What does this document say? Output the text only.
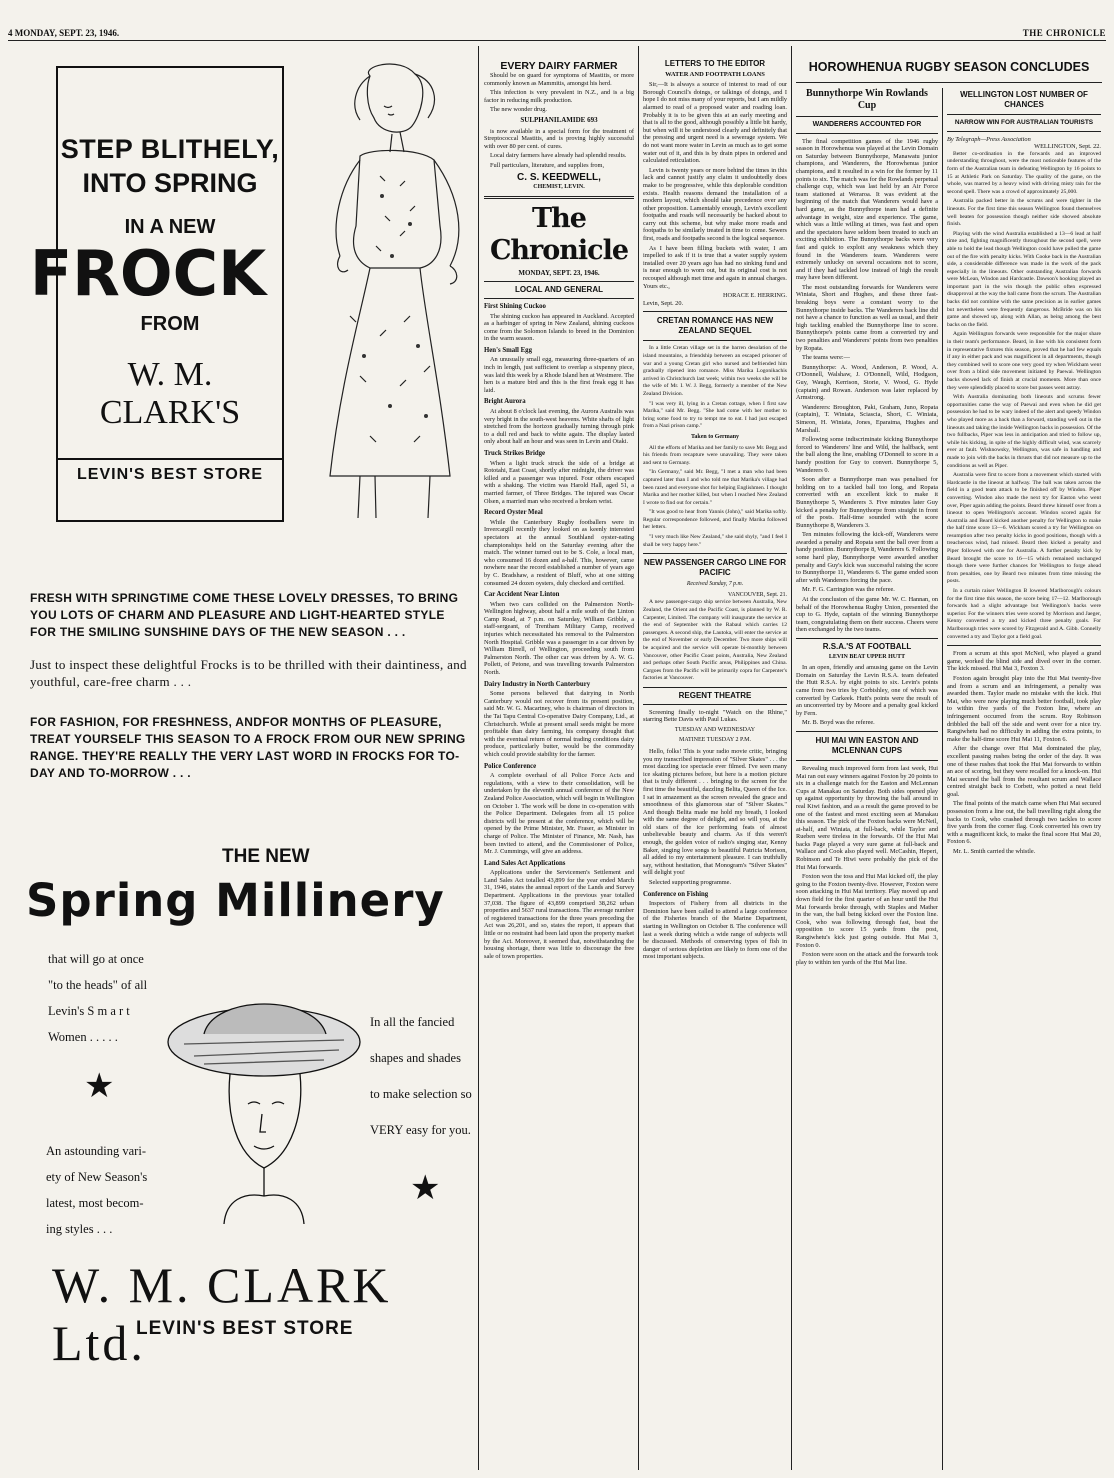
4 MONDAY, SEPT. 23, 1946.	THE CHRONICLE
STEP BLITHELY,
INTO SPRING
IN A NEW
FROCK
FROM
W. M. CLARK'S
LEVIN'S BEST STORE
FRESH WITH SPRINGTIME COME THESE LOVELY DRESSES, TO BRING YOU LOTS OF CHARM AND PLEASURE AND LIGHT-HEARTED STYLE FOR THE SMILING SUNSHINE DAYS OF THE NEW SEASON . . .
Just to inspect these delightful Frocks is to be thrilled with their daintiness, and youthful, care-free charm . . .
FOR FASHION, FOR FRESHNESS, ANDFOR MONTHS OF PLEASURE, TREAT YOURSELF THIS SEASON TO A FROCK FROM OUR NEW SPRING RANGE. THEY'RE REALLY THE VERY LAST WORD IN FROCKS FOR TO-DAY AND TO-MORROW . . .
THE NEW
Spring Millinery
that will go at once
"to the heads" of all
Levin's S m a r t
Women . . . . .
In all the fancied
shapes and shades
to make selection so
VERY easy for you.
An astounding vari-
ety of New Season's
latest, most becom-
ing styles . . .
★
★
W. M. CLARK Ltd.
LEVIN'S BEST STORE
EVERY DAIRY FARMER

Should be on guard for symptoms of Mastitis, or more commonly known as Mammitis, amongst his herd.

This infection is very prevalent in N.Z., and is a big factor in reducing milk production.

The new wonder drug.

SULPHANILAMIDE 693

is now available in a special form for the treatment of Streptococcal Mastitis, and is proving highly successful with over 80 per cent. of cures.

Local dairy farmers have already had splendid results.

Full particulars, literature, and supplies from,

C. S. KEEDWELL,
CHEMIST, LEVIN.
The Chronicle
MONDAY, SEPT. 23, 1946.
LOCAL AND GENERAL

First Shining Cuckoo

The shining cuckoo has appeared in Auckland. Accepted as a harbinger of spring in New Zealand, shining cuckoos come from the Solomon Islands to breed in the Dominion in the warm season.

Hen's Small Egg

An unusually small egg, measuring three-quarters of an inch in length, just sufficient to overlap a sixpenny piece, was laid this week by a Rhode Island hen at Westmere. The hen is a mature bird and this is the first freak egg it has laid.

Bright Aurora

At about 8 o'clock last evening, the Aurora Australis was very bright in the south-west heavens. White shafts of light stretched from the horizon gradually turning through pink to a dull red and back to white again. The display lasted only about half an hour and was seen in Levin and Otaki.

Truck Strikes Bridge

When a light truck struck the side of a bridge at Rototahi, East Coast, shortly after midnight, the driver was killed and a passenger was injured. Four others escaped with a shaking. The victim was Harold Hall, aged 51, a married farmer, of Three Bridges. The injured was Oscar Olsen, a married man who received a broken wrist.

Record Oyster Meal

While the Canterbury Rugby footballers were in Invercargill recently they looked on as keenly interested spectators at the annual Southland oyster-eating championships held on the Saturday evening after the match. The winner turned out to be S. Cole, a local man, who consumed 16 dozen and a-half. This, however, came nowhere near the record established a number of years ago by C. Bradshaw, a resident of Bluff, who at one sitting consumed 24 dozen oysters, duly checked and certified.

Car Accident Near Linton

When two cars collided on the Palmerston North-Wellington highway, about half a mile south of the Linton Camp Road, at 7 p.m. on Saturday, William Gribble, a staff-sergeant, of Trentham Military Camp, received injuries which necessitated his removal to the Palmerston North Hospital. Gribble was a passenger in a car driven by William Birrell, of Wellington, proceeding south from Palmerston North. The other car was driven by A. W. G. Pollett, of Petone, and was travelling towards Palmerston North.

Dairy Industry in North Canterbury

Some persons believed that dairying in North Canterbury would not recover from its present position, said Mr. W. G. Macartney, who is chairman of directors in the Tai Tapu Central Co-operative Dairy Company, Ltd., at Christchurch. While at present small seeds might be more profitable than dairy farming, his company thought that with the eventual return of normal trading conditions dairy produce, particularly butter, would be the commodity which could provide stability for the farmer.

Police Conference

A complete overhaul of all Police Force Acts and regulations, with a view to their consolidation, will be undertaken by the eleventh annual conference of the New Zealand Police Association, which will begin in Wellington on October 1. The work will be done in co-operation with the Police Department. Delegates from all 15 police districts will be present at the conference, which will be opened by the Prime Minister, Mr. Fraser, as Minister in charge of Police. The Minister of Finance, Mr. Nash, has been invited to attend, and the Commissioner of Police, Mr. J. Cummings, will give an address.

Land Sales Act Applications

Applications under the Servicemen's Settlement and Land Sales Act totalled 43,899 for the year ended March 31, 1946, states the annual report of the Lands and Survey Department. Applications in the previous year totalled 37,038. The figure of 43,899 comprised 38,262 urban properties and 5637 rural transactions. The average number of registered transactions for the three years preceding the Act was 26,201, and so, states the report, it appears that little or no restraint had been laid upon the property market by the Act. Moreover, it seemed that, notwithstanding the housing shortage, there was little to discourage the free sale of town properties.

LETTERS TO THE EDITOR
WATER AND FOOTPATH LOANS

Sir,—It is always a source of interest to read of our Borough Council's doings, or talkings of doings, and I hope I do not miss many of your reports, but I am mildly alarmed to read of a proposed water and roading loan. Probably it is to be given this at an early meeting and that is all to the good, although possibly a little bit hardy, but when will it be understood clearly and definitely that the pressing and urgent need is a sewerage system. We do not want more water in Levin as much as to get some water out of it, and this is by drain pipes in ordered and calculated reticulation.

Levin is twenty years or more behind the times in this lack and cannot justify any claim it undoubtedly does make to be progressive, while this deplorable condition exists. Health reasons demand the installation of a modern layout, which should take precedence over any other proposition. Lamentably enough, Levin's excellent footpaths and roads will necessarily be hacked about to carry out this scheme, but why make more roads and footpaths to be similarly treated in time to come. Sewers first, roads and footpaths second is the logical sequence.

As I have been filling buckets with water, I am impelled to ask if it is true that a water supply system installed over 20 years ago has had no sinking fund and is near enough to worn out, but its original cost is not recouped although met time and again in annual charges. Yours etc.,

HORACE E. HERRING.
Levin, Sept. 20.
CRETAN ROMANCE HAS NEW ZEALAND SEQUEL

In a little Cretan village set in the barren desolation of the island mountains, a friendship between an escaped prisoner of war and a young Cretan girl who nursed and befriended him gradually ripened into romance. Miss Marika Logonikachis arrived in Christchurch last week; within two weeks she will be the wife of Mr. I. W. J. Begg, formerly a member of the New Zealand Division.

"I was very ill, lying in a Cretan cottage, when I first saw Marika," said Mr. Begg. "She had come with her mother to bring some food to try to tempt me to eat. I had just escaped from a Nazi prison camp."

Taken to Germany

All the efforts of Marika and her family to save Mr. Begg and his friends from recapture were unavailing. They were taken and sent to Germany.

"In Germany," said Mr. Begg, "I met a man who had been captured later than I and who told me that Marika's village had been razed and everyone shot for helping Englishmen. I thought Marika and her mother killed, but when I reached New Zealand I wrote to find out for certain."

"It was good to hear from Yannis (John)," said Marika softly. Regular correspondence followed, and finally Marika followed her letters.

"I very much like New Zealand," she said shyly, "and I feel I shall be very happy here."

NEW PASSENGER CARGO LINE FOR PACIFIC
Received Sunday, 7 p.m.
VANCOUVER, Sept. 21.

A new passenger-cargo ship service between Australia, New Zealand, the Orient and the Pacific Coast, is planned by W. R. Carpenter, Limited. The company will inaugurate the service at the end of September with the Rabaul which carries 12 passengers. A second ship, the Lautoka, will enter the service at the end of November or early December. Two more ships will be acquired and the service will operate bi-monthly between Vancouver, other Pacific Coast points, Australia, New Zealand and perhaps other South Pacific areas, Philippines and China. Cargoes from the Pacific will be primarily copra for Carpenter's factories at Vancouver.

REGENT THEATRE

Screening finally to-night "Watch on the Rhine," starring Bette Davis with Paul Lukas.

TUESDAY AND WEDNESDAY
MATINEE TUESDAY 2 P.M.

Hello, folks! This is your radio movie critic, bringing you my transcribed impression of "Silver Skates" . . . the most dazzling ice spectacle ever filmed. I've seen many ice skating pictures before, but here is a motion picture that is truly different . . . bringing to the screen for the first time the beautiful, dazzling Belita, Queen of the Ice. I sat in amazement as the screen revealed the grace and smoothness of this glamorous star of "Silver Skates." And though Belita made me hold my breath, I looked with the same degree of delight, and so will you, at the old stars of the ice performing feats of almost unbelievable beauty and charm. As if this weren't enough, the golden voice of radio's singing star, Kenny Baker, singing love songs to beautiful Patricia Morison, all added to my entertainment pleasure. I can truthfully say, without hesitation, that Monogram's "Silver Skates" will delight you!

Selected supporting programme.

Conference on Fishing

Inspectors of Fishery from all districts in the Dominion have been called to attend a large conference of the Fisheries branch of the Marine Department, starting in Wellington on October 8. The conference will last a week during which a wide range of subjects will be discussed. Methods of conserving types of fish in danger of serious depletion are likely to form one of the most important subjects.

HOROWHENUA RUGBY SEASON CONCLUDES
Bunnythorpe Win Rowlands Cup
WANDERERS ACCOUNTED FOR

The final competition games of the 1946 rugby season in Horowhenua was played at the Levin Domain on Saturday between Bunnythorpe, Manawatu junior champions, and Wanderers, the Horowhenua junior champions, and it resulted in a win for the former by 11 points to six. The match was for the Rowlands perpetual challenge cup, which was last held by an Air Force team stationed at Weraroa. It was evident at the beginning of the match that Wanderers would have a hard game, as the Bunnythorpe team had a definite advantage in weight, size and experience. The game, which was a little willing at times, was fast and open and the spectators have seldom been treated to such an exciting exhibition. The Bunnythorpe backs were very fast and quick to exploit any weakness which they found in the Wanderers team. Wanderers were extremely unlucky on several occasions not to score, and if they had tackled low instead of high the result may have been different.

The most outstanding forwards for Wanderers were Winiata, Short and Hughes, and these three fast-breaking boys were a constant worry to the Bunnythorpe inside backs. The Wanderers back line did not have a chance to function as well as usual, and their high tackling enabled the Bunnythorpe line to score. Bunnythorpe's points came from a converted try and two penalties and Wanderers' points from two penalties by Ropata.

The teams were:—

Bunnythorpe: A. Wood, Anderson, P. Wood, A. O'Donnell, Walshaw, J. O'Donnell, Wild, Hodgson, Guy, Waugh, Kerrison, Storie, V. Wood, G. Hyde (captain) and Rowan. Anderson was later replaced by Armstrong.

Wanderers: Broughton, Paki, Graham, Juno, Ropata (captain), T. Winiata, Sciascia, Short, C. Winiata, Simeon, H. Winiata, Jones, Eparaima, Hughes and Marshall.

Following some indiscriminate kicking Bunnythorpe forced to Wanderers' line and Wild, the halfback, sent the ball along the line, enabling O'Donnell to score in a handy position for Guy to convert. Bunnythorpe 5, Wanderers 0.

Soon after a Bunnythorpe man was penalised for holding on to a tackled ball too long, and Ropata converted with an excellent kick to make it Bunnythorpe 5, Wanderers 3. Five minutes later Guy kicked a penalty for Bunnythorpe from straight in front of the posts. Half-time sounded with the score Bunnythorpe 8, Wanderers 3.

Ten minutes following the kick-off, Wanderers were awarded a penalty and Ropata sent the ball over from a handy position. Bunnythorpe 8, Wanderers 6. Following some hard play, Bunnythorpe were awarded another penalty and Guy's kick was successful raising the score to Bunnythorpe 11, Wanderers 6. The game ended soon after with Wanderers forcing the pace.

Mr. F. G. Carrington was the referee.

At the conclusion of the game Mr. W. C. Hannan, on behalf of the Horowhenua Rugby Union, presented the cup to G. Hyde, captain of the winning Bunnythorpe team, congratulating them on their success. Cheers were then exchanged by the two teams.

R.S.A.'S AT FOOTBALL
LEVIN BEAT UPPER HUTT

In an open, friendly and amusing game on the Levin Domain on Saturday the Levin R.S.A. team defeated the Hutt R.S.A. by eight points to six. Levin's points came from two tries by Corbishley, one of which was converted by Carkeek. Hutt's points were the result of an unconverted try by Moore and a penalty goal kicked by Fern.

Mr. B. Boyd was the referee.

HUI MAI WIN EASTON AND MCLENNAN CUPS

Revealing much improved form from last week, Hui Mai ran out easy winners against Foxton by 20 points to six in a challenge match for the Easton and McLennan Cups at Manakau on Saturday. Both sides opened play up against opportunity by throwing the ball around in real Kiwi fashion, and as a result the game proved to be one of the fastest and most exciting seen at Manakau this season. The pick of the Foxton backs were McNeil, at-half, and Winiata, at full-back, while Taylor and Rueben were tireless in the forwards. Of the Hui Mai backs Page played a very sure game at full-back and Wallace and Cook also played well. McCashin, Heperi, Robinson and Te Hiwi were probably the pick of the Hui Mai forwards.

Foxton won the toss and Hui Mai kicked off, the play going to the Foxton twenty-five. However, Foxton were soon attacking in Hui Mai territory. Play moved up and down field for the first quarter of an hour until the Hui Mai forwards broke through, with Staples and Mather in the van, the ball being kicked over the Foxton line. Cook, who was following through fast, beat the opposition to score 15 yards from the post, Rangiwhetu's kick just going outside. Hui Mai 3, Foxton 0.

Foxton were soon on the attack and the forwards took play to within ten yards of the Hui Mai line.

WELLINGTON LOST NUMBER OF CHANCES
NARROW WIN FOR AUSTRALIAN TOURISTS
By Telegraph—Press Association
WELLINGTON, Sept. 22.

Better co-ordination in the forwards and an improved understanding throughout, were the most noticeable features of the form of the Australian team in defeating Wellington by 16 points to 15 at Athletic Park on Saturday. The quality of the game, on the whole, was marred by a heavy wind with driving misty rain for the second spell. There was a crowd of approximately 25,000.

Australia packed better in the scrums and were tighter in the lineouts. For the first time this season Wellington found themselves well beaten for possession though neither side showed absolute finish.

Playing with the wind Australia established a 13—6 lead at half time and, fighting magnificently throughout the second spell, were able to hold the lead though Wellington could have pulled the game out of the fire with penalty kicks. With Cooke back in the Australian side, a considerable difference was made in the work of the pack especially in the lineouts. Other outstanding Australian forwards were McLean, Windon and Hardcastle. Dawson's hooking played an important part in the win though the public often expressed disapproval at the way the ball came from the scrum. The Australian backs did not combine with the same precision as in earlier games but nevertheless were frequently dangerous. McBride was on his game and showed up, along with Allan, as being among the best backs on the field.

Again Wellington forwards were responsible for the major share in their team's performance. Beard, in line with his consistent form in representative fixtures this season, proved that he had few equals if any in either pack and was magnificent in all departments, though they combined well to score one very good try when Wickham went over from a blind side movement initiated by Paewai. Wellington backs showed lack of finish at crucial moments. More than once they were splendidly placed to score but passes went astray.

With Australia dominating both lineouts and scrums fewer opportunities came the way of Paewai and even when he did get possession he had to be wary indeed of the alert and speedy Windon who played more as a back than a forward, standing well out in the lineouts and taking the inside Wellington backs in possession. Of the two fullbacks, Piper was less in anticipation and tried to follow up, while his kicking, in spite of the highly difficult wind, was scarcely ever at fault. Wishnowsky, Wellington, was safe in handling and made to join with the backs in thrusts that did not measure up to the conditions as well as Piper.

Australia were first to score from a movement which started with Hardcastle in the lineout at halfway. The ball was taken across the field in a good team attack to be finished off by Windon. Piper converting. Windon also made the next try for Easton who went over, Piper again adding the points. Beard threw himself over from a lineout to open Wellington's account. Windon scored again for Australia and Beard kicked another penalty for Wellington to make the half time score 13—6. Wickham scored a try for Wellington on resumption after two penalty kicks in good positions, though with a treacherous wind, had missed. Beard then kicked a penalty and Piper followed with one for Australia. A further penalty kick by Beard brought the score to 16—15 which remained unchanged though there were further chances for Wellington to forge ahead from penalties, one by Beard two minutes from time missing the posts.

In a curtain raiser Wellington B lowered Marlborough's colours for the first time this season, the score being 17—12. Marlborough forwards had a slight advantage but Wellington's backs were superior. For the winners tries were scored by Morrison and Jaeger, Kenny converted a try and kicked three penalty goals. For Marlborough tries were scored by Fitzgerald and A. Gibb. Connelly converted a try and Taylor got a field goal.

From a scrum at this spot McNeil, who played a grand game, worked the blind side and dived over in the corner. The kick missed. Hui Mai 3, Foxton 3.

Foxton again brought play into the Hui Mai twenty-five and from a scrum and an infringement, a penalty was awarded them. Taylor made no mistake with the kick. Hui Mai, who were now playing much better football, took play to within five yards of the Foxton line, where an infringement occurred from the scrum. Roy Robinson dribbled the ball off the side and went over for a nice try. Rangiwhetu had no difficulty in adding the extra points, to make the half-time score Hui Mai 11, Foxton 6.

After the change over Hui Mai dominated the play, excellent passing rushes being the order of the day. It was one of these rushes that took the Hui Mai forwards to within an ace of scoring, but they were recalled for a knock-on. Hui Mai secured the ball from the resultant scrum and Wallace centred straight back to Corbett, who potted a neat field goal.

The final points of the match came when Hui Mai secured possession from a line out, the ball travelling right along the backs to Cook, who crashed through two tackles to score five yards from the corner flag. Cook converted his own try with a magnificent kick, to make the final score Hui Mai 20, Foxton 6.

Mr. L. Smith carried the whistle.
